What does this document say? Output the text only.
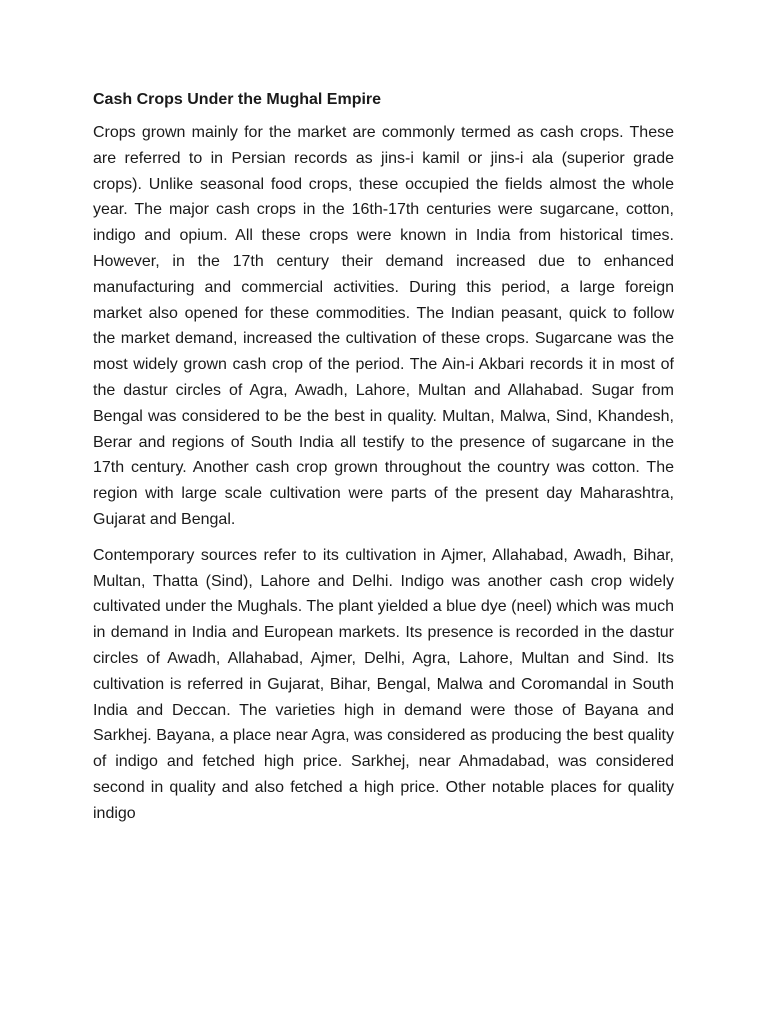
Cash Crops Under the Mughal Empire

Crops grown mainly for the market are commonly termed as cash crops. These are referred to in Persian records as jins-i kamil or jins-i ala (superior grade crops). Unlike seasonal food crops, these occupied the fields almost the whole year. The major cash crops in the 16th-17th centuries were sugarcane, cotton, indigo and opium. All these crops were known in India from historical times. However, in the 17th century their demand increased due to enhanced manufacturing and commercial activities. During this period, a large foreign market also opened for these commodities. The Indian peasant, quick to follow the market demand, increased the cultivation of these crops. Sugarcane was the most widely grown cash crop of the period. The Ain-i Akbari records it in most of the dastur circles of Agra, Awadh, Lahore, Multan and Allahabad. Sugar from Bengal was considered to be the best in quality. Multan, Malwa, Sind, Khandesh, Berar and regions of South India all testify to the presence of sugarcane in the 17th century. Another cash crop grown throughout the country was cotton. The region with large scale cultivation were parts of the present day Maharashtra, Gujarat and Bengal.

Contemporary sources refer to its cultivation in Ajmer, Allahabad, Awadh, Bihar, Multan, Thatta (Sind), Lahore and Delhi. Indigo was another cash crop widely cultivated under the Mughals. The plant yielded a blue dye (neel) which was much in demand in India and European markets. Its presence is recorded in the dastur circles of Awadh, Allahabad, Ajmer, Delhi, Agra, Lahore, Multan and Sind. Its cultivation is referred in Gujarat, Bihar, Bengal, Malwa and Coromandal in South India and Deccan. The varieties high in demand were those of Bayana and Sarkhej. Bayana, a place near Agra, was considered as producing the best quality of indigo and fetched high price. Sarkhej, near Ahmadabad, was considered second in quality and also fetched a high price. Other notable places for quality indigo
